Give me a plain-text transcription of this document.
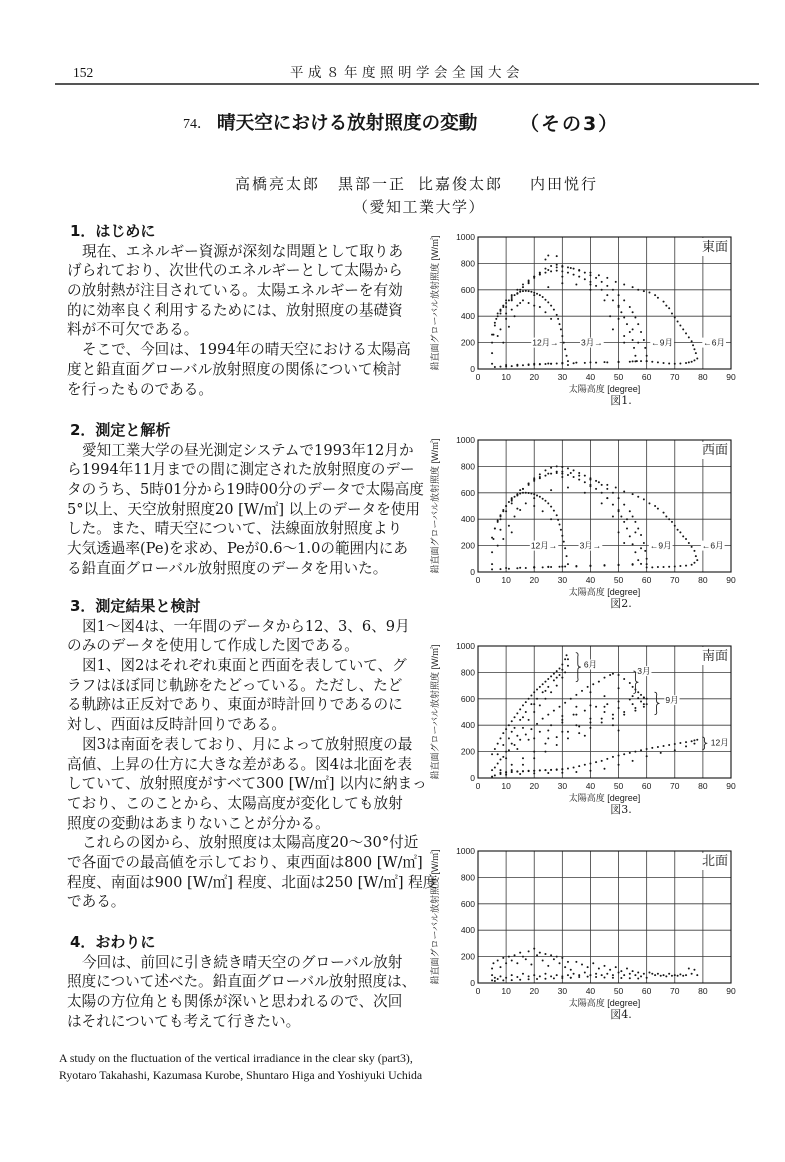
152	平成８年度照明学会全国大会
74． 晴天空における放射照度の変動 （その3）
高橋亮太郎 黒部一正 比嘉俊太郎 内田悦行
（愛知工業大学）
1．はじめに
現在、エネルギー資源が深刻な問題として取りあ
げられており、次世代のエネルギーとして太陽から
の放射熱が注目されている。太陽エネルギーを有効
的に効率良く利用するためには、放射照度の基礎資
料が不可欠である。
そこで、今回は、1994年の晴天空における太陽高
度と鉛直面グローバル放射照度の関係について検討
を行ったものである。
2．測定と解析
愛知工業大学の昼光測定システムで1993年12月か
ら1994年11月までの間に測定された放射照度のデー
タのうち、5時01分から19時00分のデータで太陽高度
5°以上、天空放射照度20 [W/㎡] 以上のデータを使用
した。また、晴天空について、法線面放射照度より
大気透過率(Pe)を求め、Peが0.6〜1.0の範囲内にあ
る鉛直面グローバル放射照度のデータを用いた。
3．測定結果と検討
図1〜図4は、一年間のデータから12、3、6、9月
のみのデータを使用して作成した図である。
図1、図2はそれぞれ東面と西面を表していて、グ
ラフはほぼ同じ軌跡をたどっている。ただし、たど
る軌跡は正反対であり、東面が時計回りであるのに
対し、西面は反時計回りである。
図3は南面を表しており、月によって放射照度の最
高値、上昇の仕方に大きな差がある。図4は北面を表
していて、放射照度がすべて300 [W/㎡] 以内に納まっ
ており、このことから、太陽高度が変化しても放射
照度の変動はあまりないことが分かる。
これらの図から、放射照度は太陽高度20〜30°付近
で各面での最高値を示しており、東西面は800 [W/㎡]
程度、南面は900 [W/㎡] 程度、北面は250 [W/㎡] 程度
である。
4．おわりに
今回は、前回に引き続き晴天空のグローバル放射
照度について述べた。鉛直面グローバル放射照度は、
太陽の方位角とも関係が深いと思われるので、次回
はそれについても考えて行きたい。
0 10 20 30 40 50 60 70 80 90
0
200
400
600
800
1000
12月→	3月→	←9月	←6月
東面
鉛直面グローバル放射照度 [W/㎡]
太陽高度 [degree]
図1.
0 10 20 30 40 50 60 70 80 90
0
200
400
600
800
1000
12月→	3月→	←9月	←6月
西面
鉛直面グローバル放射照度 [W/㎡]
太陽高度 [degree]
図2.
0 10 20 30 40 50 60 70 80 90
0
200
400
600
800
1000
6月
3月
9月
12月
南面
鉛直面グローバル放射照度 [W/㎡]
太陽高度 [degree]
図3.
0 10 20 30 40 50 60 70 80 90
0
200
400
600
800
1000
北面
鉛直面グローバル放射照度 [W/㎡]
太陽高度 [degree]
図4.
A study on the fluctuation of the vertical irradiance in the clear sky (part3),
Ryotaro Takahashi, Kazumasa Kurobe, Shuntaro Higa and Yoshiyuki Uchida
